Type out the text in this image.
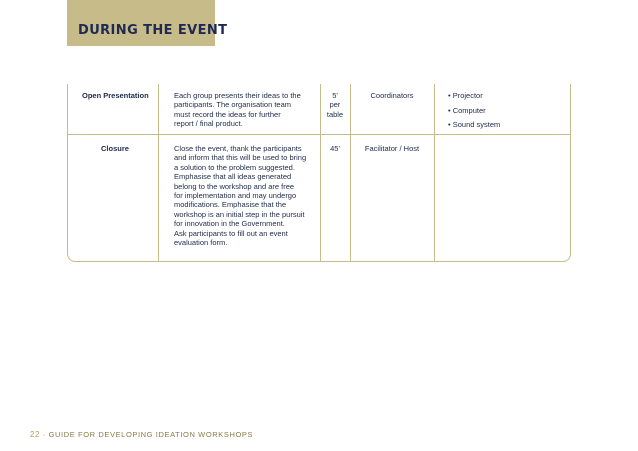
DURING THE EVENT
Open Presentation	Each group presents their ideas to the
participants. The organisation team
must record the ideas for further
report / final product.
5'
per
table
Coordinators
•	Projector
• Computer
• Sound system
Closure	Close the event, thank the participants
and inform that this will be used to bring
a solution to the problem suggested.
Emphasise that all ideas generated
belong to the workshop and are free
for implementation and may undergo
modifications. Emphasise that the
workshop is an initial step in the pursuit
for innovation in the Government.
Ask participants to fill out an event
evaluation form.
45'	Facilitator / Host
22 · GUIDE FOR DEVELOPING IDEATION WORKSHOPS
